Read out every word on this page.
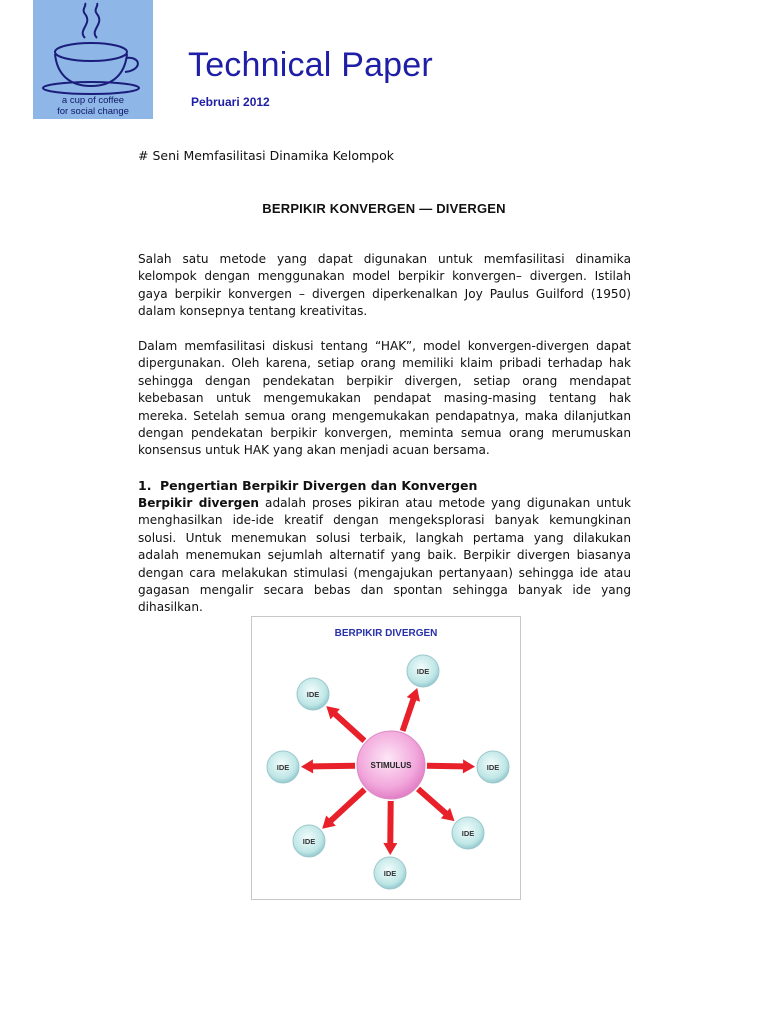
a cup of coffee
for social change
Technical Paper
Pebruari 2012
# Seni Memfasilitasi Dinamika Kelompok
BERPIKIR KONVERGEN — DIVERGEN
Salah satu metode yang dapat digunakan untuk memfasilitasi dinamika kelompok dengan menggunakan model berpikir konvergen– divergen. Istilah gaya berpikir konvergen – divergen diperkenalkan Joy Paulus Guilford (1950) dalam konsepnya tentang kreativitas.
Dalam memfasilitasi diskusi tentang “HAK”, model konvergen-divergen dapat dipergunakan. Oleh karena, setiap orang memiliki klaim pribadi terhadap hak sehingga dengan pendekatan berpikir divergen, setiap orang mendapat kebebasan untuk mengemukakan pendapat masing-masing tentang hak mereka. Setelah semua orang mengemukakan pendapatnya, maka dilanjutkan dengan pendekatan berpikir konvergen, meminta semua orang merumuskan konsensus untuk HAK yang akan menjadi acuan bersama.
1. Pengertian Berpikir Divergen dan Konvergen
Berpikir divergen adalah proses pikiran atau metode yang digunakan untuk menghasilkan ide-ide kreatif dengan mengeksplorasi banyak kemungkinan solusi. Untuk menemukan solusi terbaik, langkah pertama yang dilakukan adalah menemukan sejumlah alternatif yang baik. Berpikir divergen biasanya dengan cara melakukan stimulasi (mengajukan pertanyaan) sehingga ide atau gagasan mengalir secara bebas dan spontan sehingga banyak ide yang dihasilkan.
BERPIKIR DIVERGEN
IDE
IDE
IDE	IDE
IDE
IDE
IDE
STIMULUS
